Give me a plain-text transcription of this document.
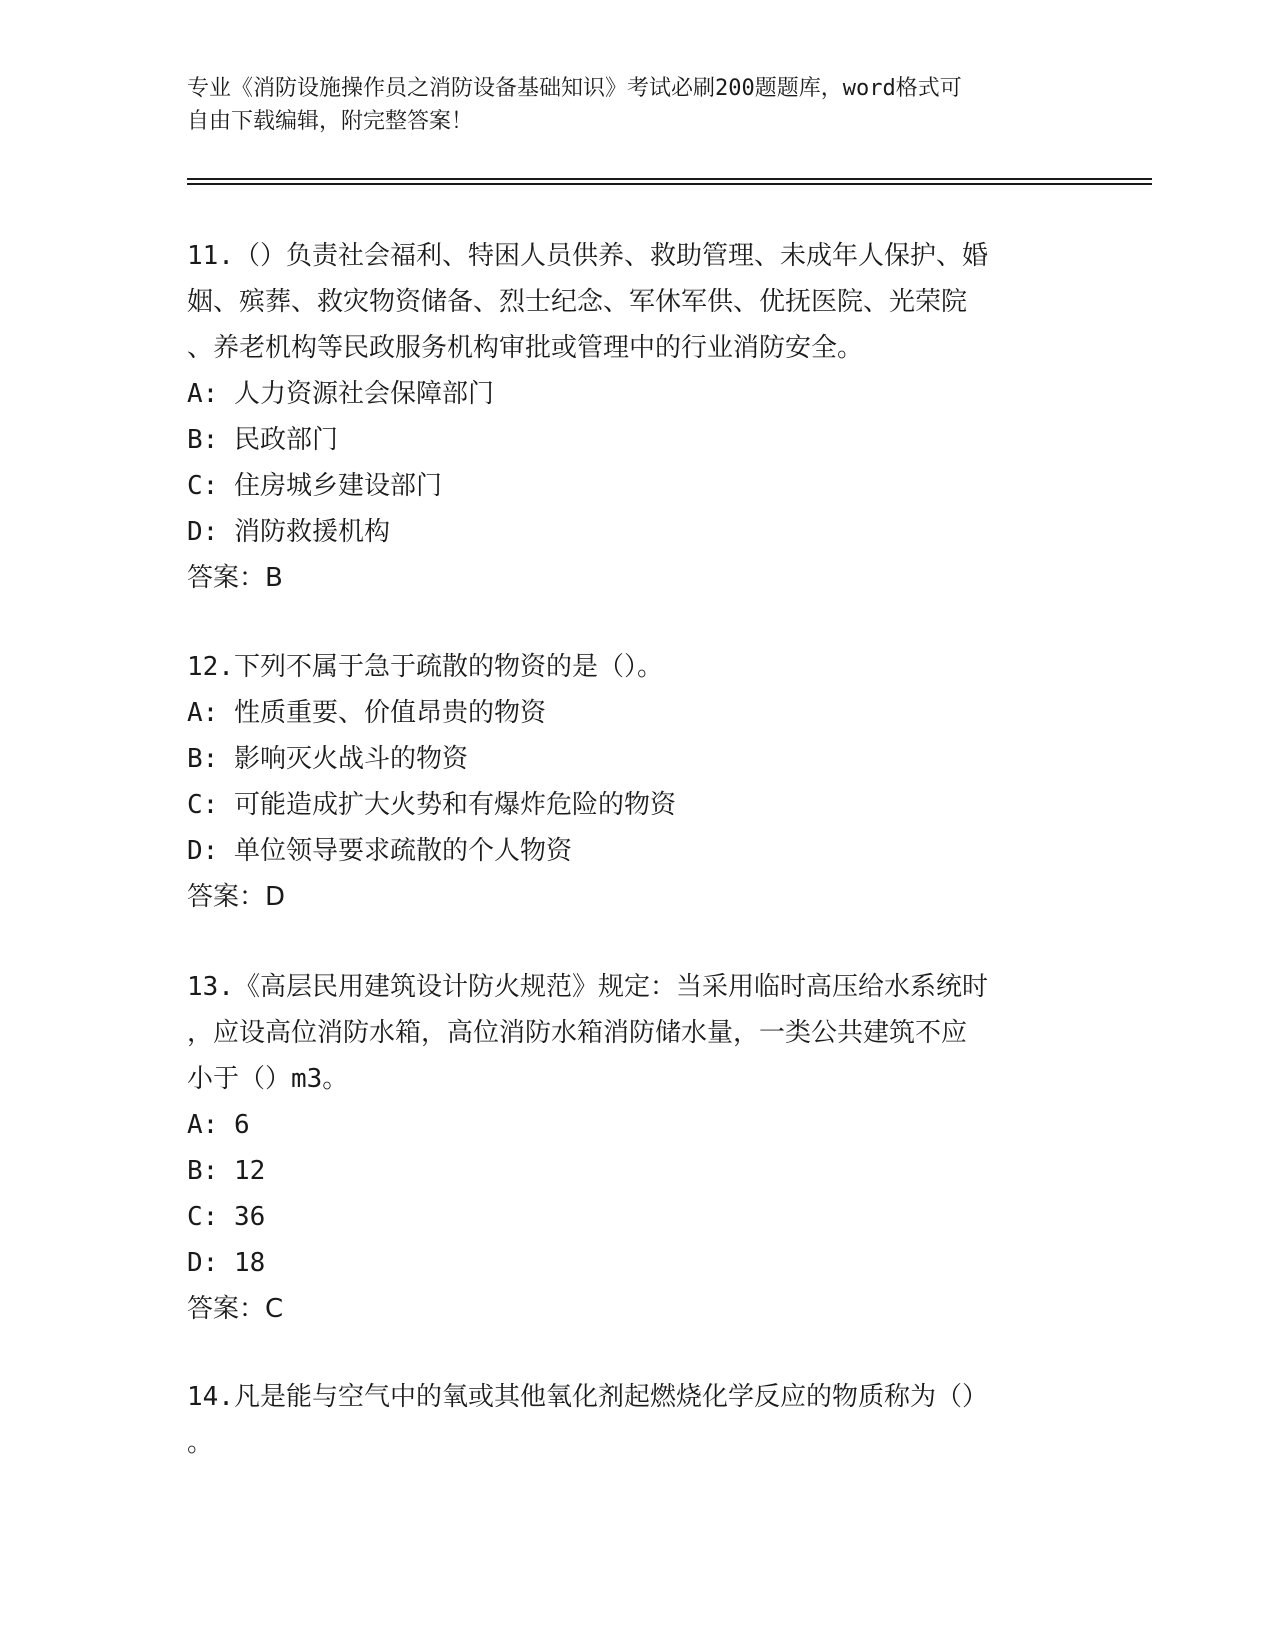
专业《消防设施操作员之消防设备基础知识》考试必刷200题题库，word格式可
自由下载编辑，附完整答案！

11.（）负责社会福利、特困人员供养、救助管理、未成年人保护、婚

姻、殡葬、救灾物资储备、烈士纪念、军休军供、优抚医院、光荣院

、养老机构等民政服务机构审批或管理中的行业消防安全。

A: 人力资源社会保障部门

B: 民政部门

C: 住房城乡建设部门

D: 消防救援机构

答案：B

12.下列不属于急于疏散的物资的是（）。

A: 性质重要、价值昂贵的物资

B: 影响灭火战斗的物资

C: 可能造成扩大火势和有爆炸危险的物资

D: 单位领导要求疏散的个人物资

答案：D

13.《高层民用建筑设计防火规范》规定：当采用临时高压给水系统时

，应设高位消防水箱，高位消防水箱消防储水量，一类公共建筑不应

小于（）m3。

A: 6

B: 12

C: 36

D: 18

答案：C

14.凡是能与空气中的氧或其他氧化剂起燃烧化学反应的物质称为（）

。
